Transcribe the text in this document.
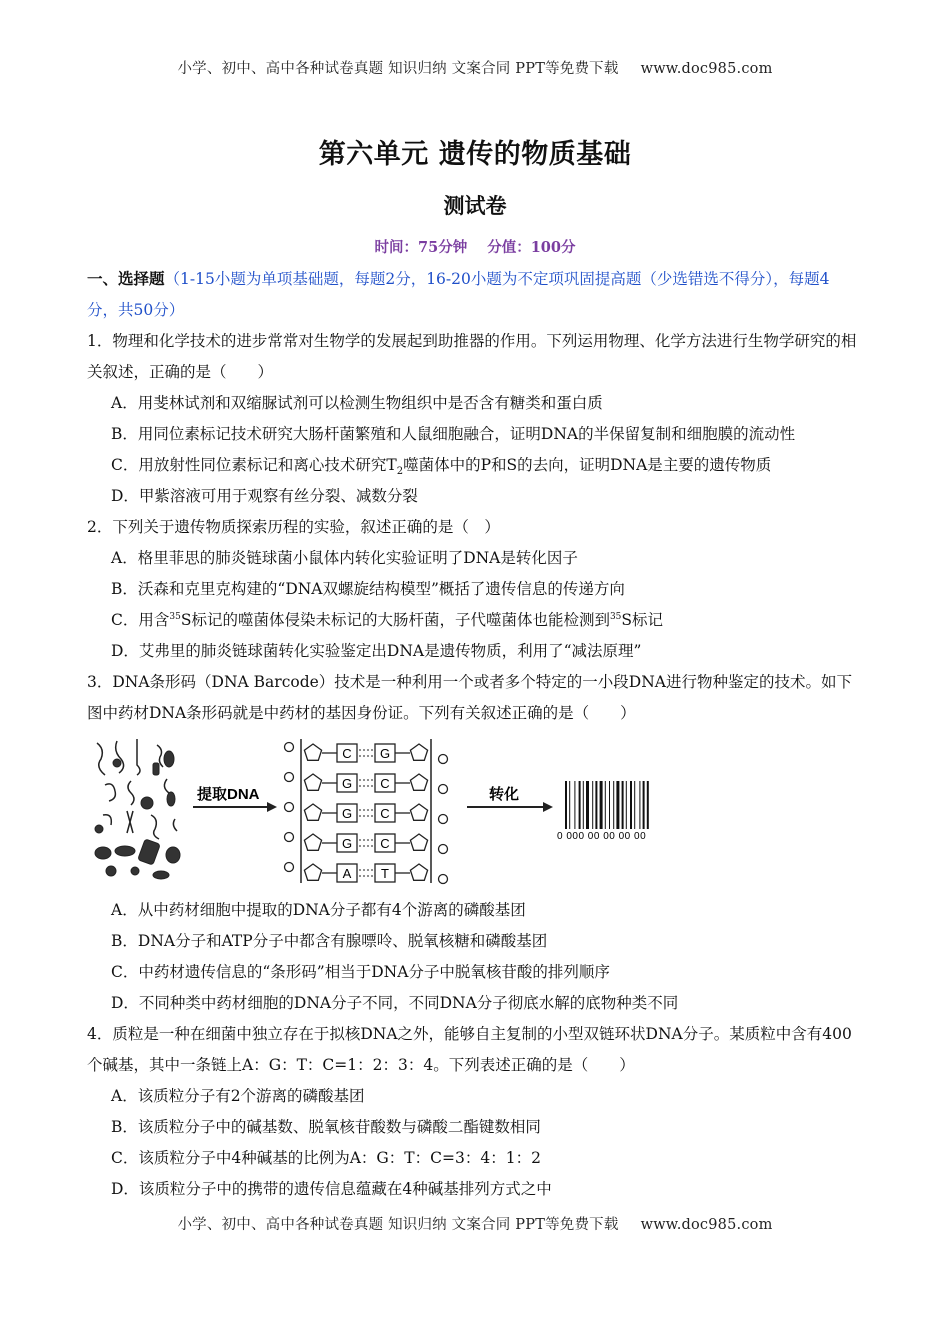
小学、初中、高中各种试卷真题 知识归纳 文案合同 PPT等免费下载 www.doc985.com
第六单元 遗传的物质基础
测试卷
时间：75分钟 分值：100分

一、选择题（1-15小题为单项基础题，每题2分，16-20小题为不定项巩固提高题（少选错选不得分），每题4分，共50分）

1．物理和化学技术的进步常常对生物学的发展起到助推器的作用。下列运用物理、化学方法进行生物学研究的相关叙述，正确的是（　　）

A．用斐林试剂和双缩脲试剂可以检测生物组织中是否含有糖类和蛋白质

B．用同位素标记技术研究大肠杆菌繁殖和人鼠细胞融合，证明DNA的半保留复制和细胞膜的流动性

C．用放射性同位素标记和离心技术研究$T_2$噬菌体中的P和S的去向，证明DNA是主要的遗传物质

D．甲紫溶液可用于观察有丝分裂、减数分裂

2．下列关于遗传物质探索历程的实验，叙述正确的是（　）

A．格里菲思的肺炎链球菌小鼠体内转化实验证明了DNA是转化因子

B．沃森和克里克构建的“DNA双螺旋结构模型”概括了遗传信息的传递方向

C．用含$^{35}$S标记的噬菌体侵染未标记的大肠杆菌，子代噬菌体也能检测到$^{35}$S标记

D．艾弗里的肺炎链球菌转化实验鉴定出DNA是遗传物质，利用了“减法原理”

3．DNA条形码（DNA Barcode）技术是一种利用一个或者多个特定的一小段DNA进行物种鉴定的技术。如下图中药材DNA条形码就是中药材的基因身份证。下列有关叙述正确的是（　　）

提取DNA
C G
G C
G C
G C
A T
转化
0 000 00 00 00 00

A．从中药材细胞中提取的DNA分子都有4个游离的磷酸基团

B．DNA分子和ATP分子中都含有腺嘌呤、脱氧核糖和磷酸基团

C．中药材遗传信息的“条形码”相当于DNA分子中脱氧核苷酸的排列顺序

D．不同种类中药材细胞的DNA分子不同，不同DNA分子彻底水解的底物种类不同

4．质粒是一种在细菌中独立存在于拟核DNA之外，能够自主复制的小型双链环状DNA分子。某质粒中含有400个碱基，其中一条链上A：G：T：C=1：2：3：4。下列表述正确的是（　　）

A．该质粒分子有2个游离的磷酸基团

B．该质粒分子中的碱基数、脱氧核苷酸数与磷酸二酯键数相同

C．该质粒分子中4种碱基的比例为A：G：T：C=3：4：1：2

D．该质粒分子中的携带的遗传信息蕴藏在4种碱基排列方式之中

小学、初中、高中各种试卷真题 知识归纳 文案合同 PPT等免费下载 www.doc985.com
